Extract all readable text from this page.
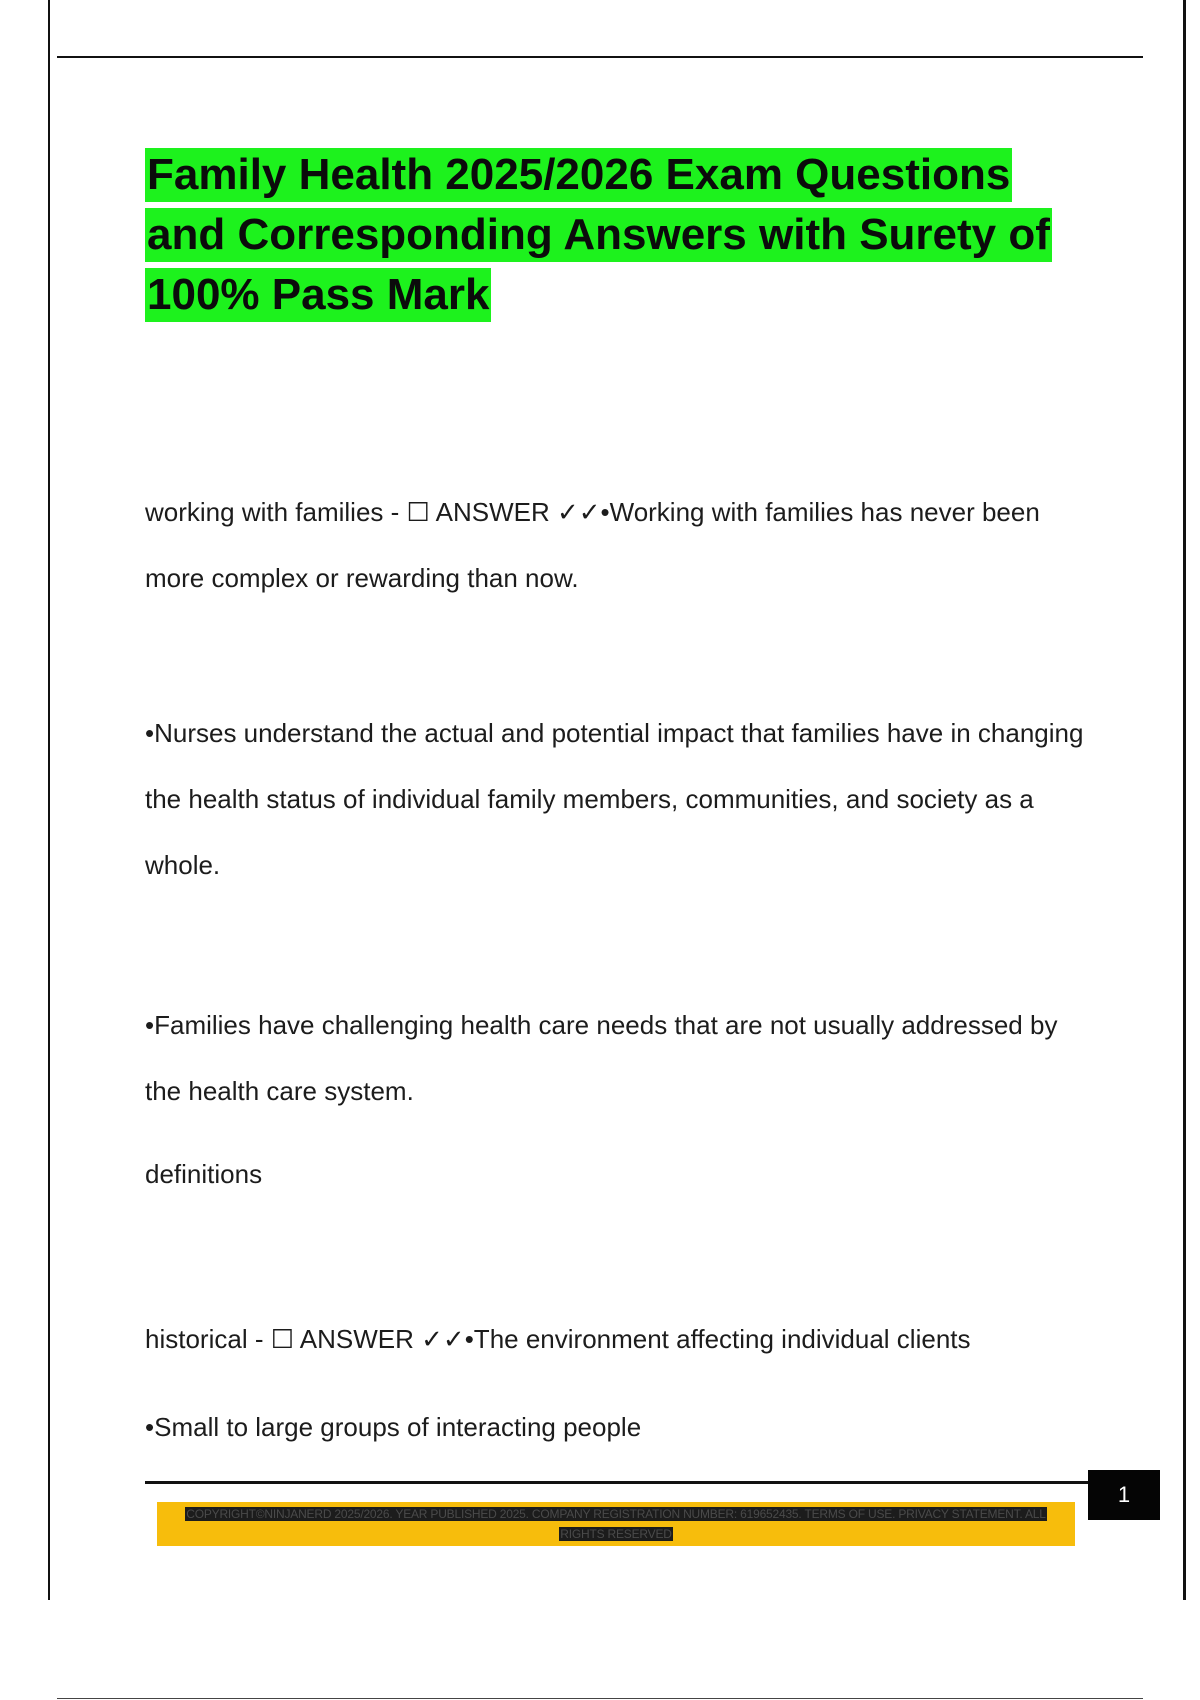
Family Health 2025/2026 Exam Questions and Corresponding Answers with Surety of 100% Pass Mark

working with families - ☐ ANSWER ✓✓•Working with families has never been more complex or rewarding than now.

•Nurses understand the actual and potential impact that families have in changing the health status of individual family members, communities, and society as a whole.

•Families have challenging health care needs that are not usually addressed by the health care system.

definitions

historical - ☐ ANSWER ✓✓•The environment affecting individual clients

•Small to large groups of interacting people

1

COPYRIGHT©NINJANERD 2025/2026. YEAR PUBLISHED 2025. COMPANY REGISTRATION NUMBER: 619652435. TERMS OF USE. PRIVACY STATEMENT. ALL RIGHTS RESERVED
